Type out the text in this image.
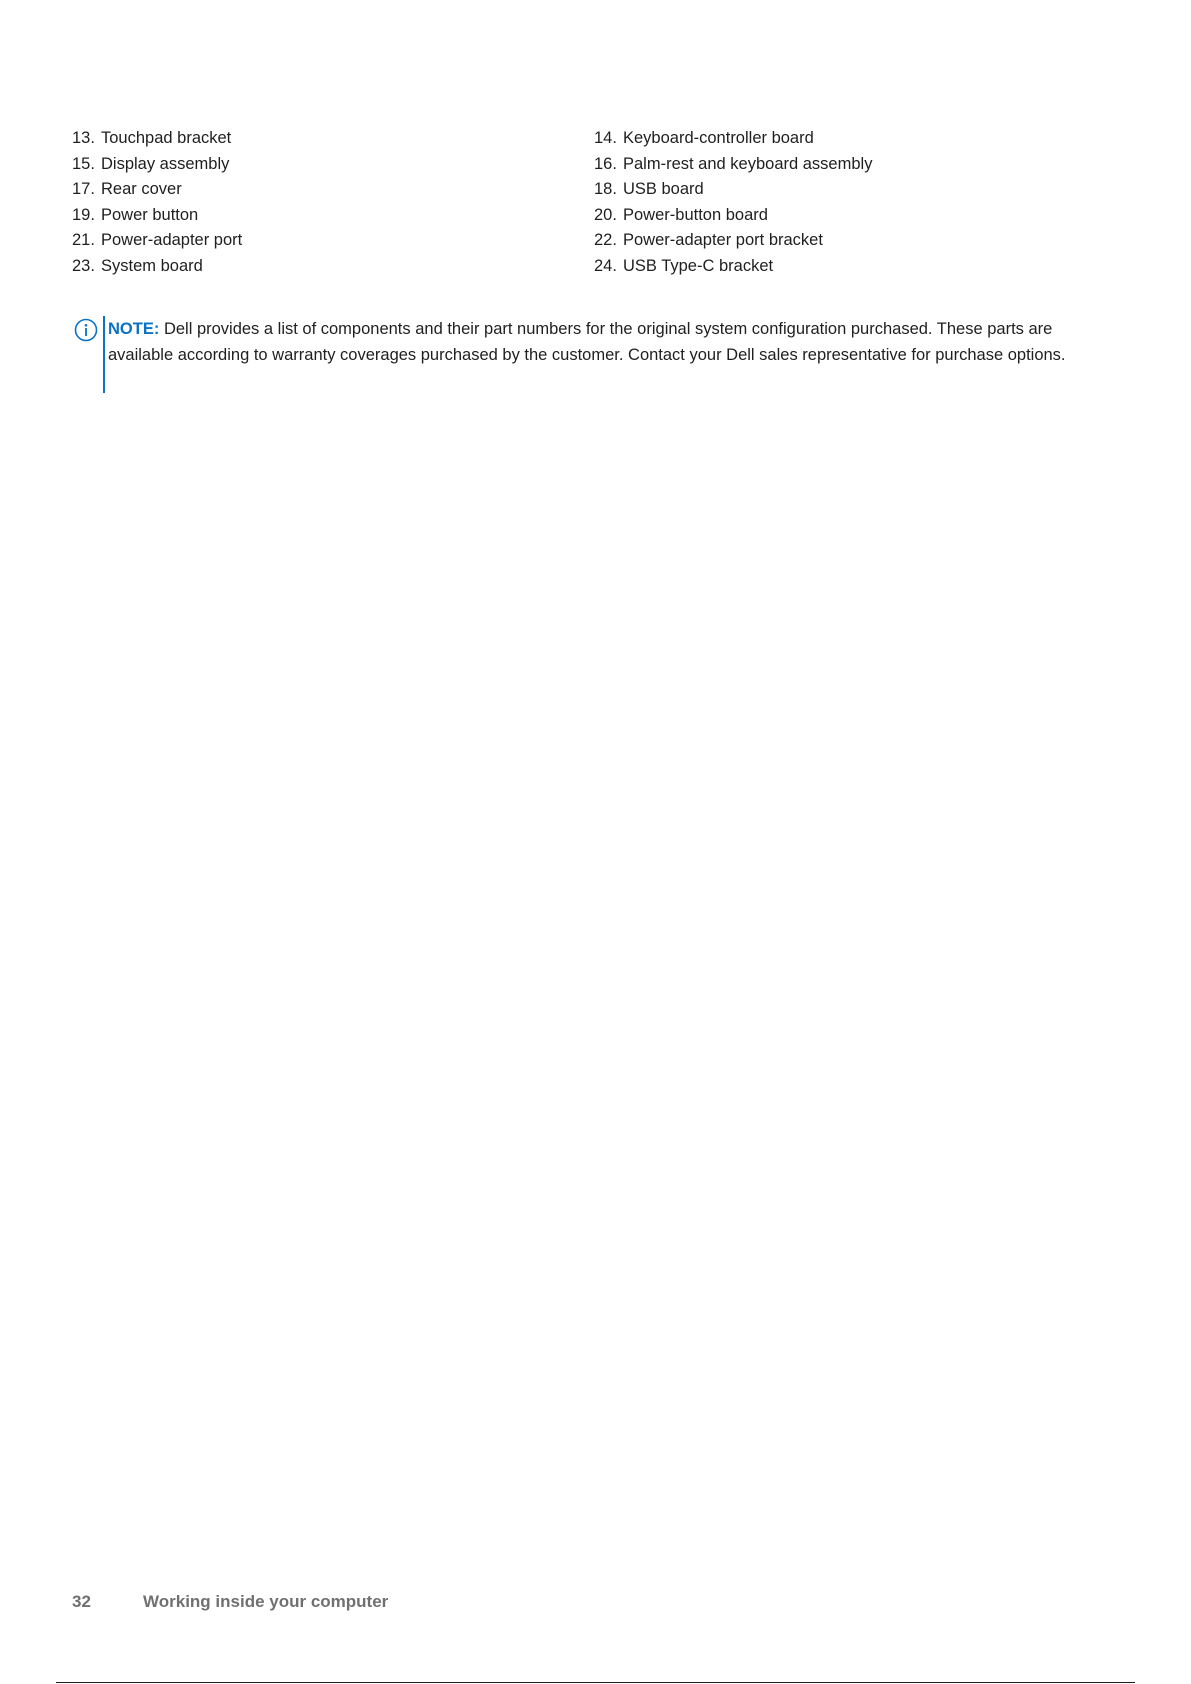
13. Touchpad bracket	14. Keyboard-controller board
15. Display assembly	16. Palm-rest and keyboard assembly
17. Rear cover	18. USB board
19. Power button	20. Power-button board
21. Power-adapter port	22. Power-adapter port bracket
23. System board	24. USB Type-C bracket

NOTE: Dell provides a list of components and their part numbers for the original system configuration purchased. These parts are available according to warranty coverages purchased by the customer. Contact your Dell sales representative for purchase options.

32	Working inside your computer
